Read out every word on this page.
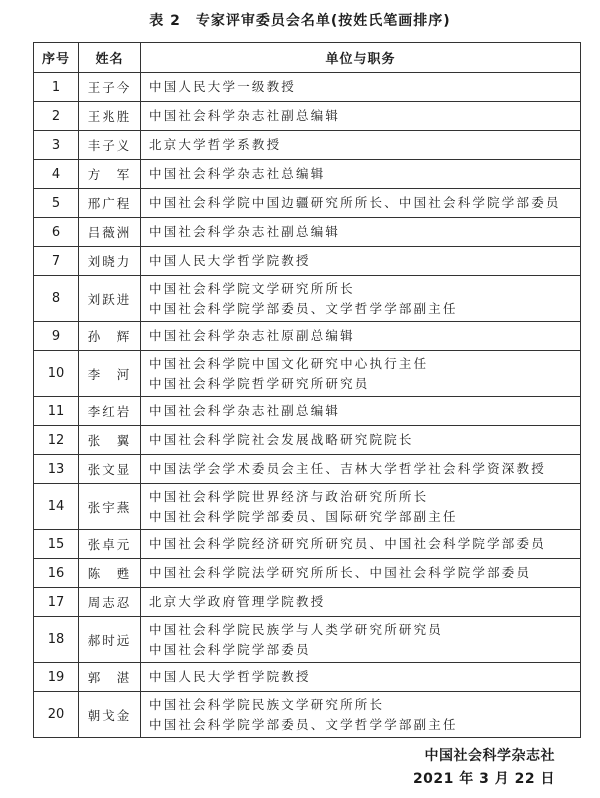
表 2　专家评审委员会名单(按姓氏笔画排序)
序号	姓名	单位与职务
1	王子今	中国人民大学一级教授

2	王兆胜	中国社会科学杂志社副总编辑

3	丰子义	北京大学哲学系教授

4	方　军	中国社会科学杂志社总编辑

5	邢广程	中国社会科学院中国边疆研究所所长、中国社会科学院学部委员

6	吕薇洲	中国社会科学杂志社副总编辑

7	刘晓力	中国人民大学哲学院教授

8	刘跃进	中国社会科学院文学研究所所长
中国社会科学院学部委员、文学哲学学部副主任

9	孙　辉	中国社会科学杂志社原副总编辑

10	李　河	中国社会科学院中国文化研究中心执行主任
中国社会科学院哲学研究所研究员

11	李红岩	中国社会科学杂志社副总编辑

12	张　翼	中国社会科学院社会发展战略研究院院长

13	张文显	中国法学会学术委员会主任、吉林大学哲学社会科学资深教授

14	张宇燕	中国社会科学院世界经济与政治研究所所长
中国社会科学院学部委员、国际研究学部副主任

15	张卓元	中国社会科学院经济研究所研究员、中国社会科学院学部委员

16	陈　甦	中国社会科学院法学研究所所长、中国社会科学院学部委员

17	周志忍	北京大学政府管理学院教授

18	郝时远	中国社会科学院民族学与人类学研究所研究员
中国社会科学院学部委员

19	郭　湛	中国人民大学哲学院教授

20	朝戈金	中国社会科学院民族文学研究所所长
中国社会科学院学部委员、文学哲学学部副主任
中国社会科学杂志社
2021 年 3 月 22 日
